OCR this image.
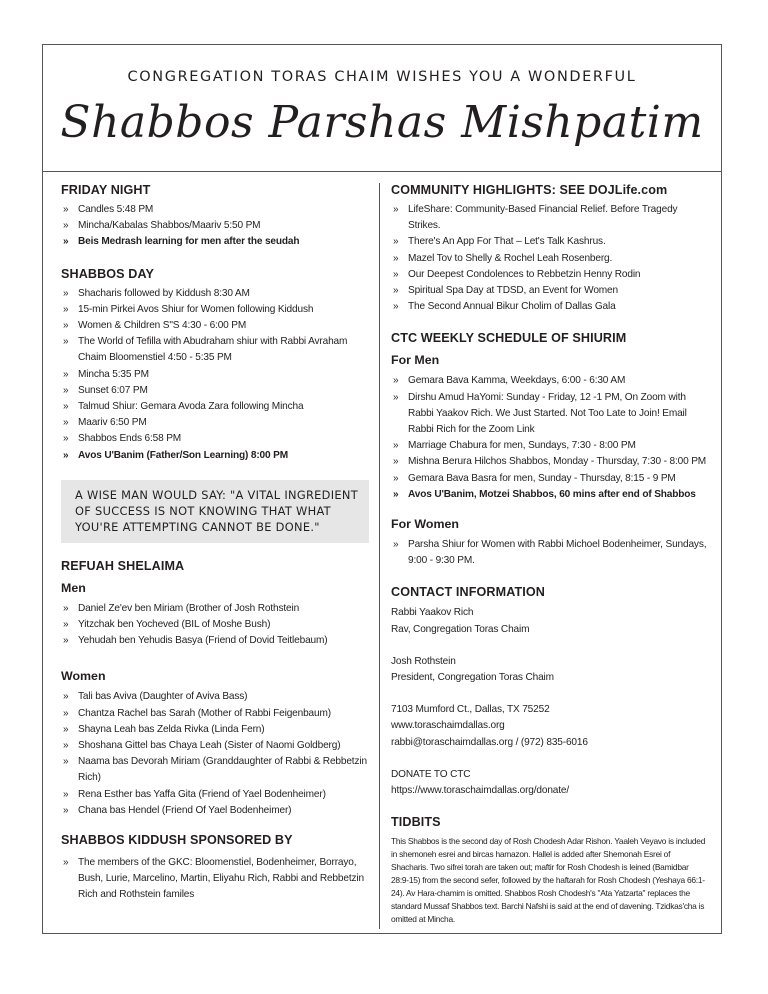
CONGREGATION TORAS CHAIM WISHES YOU A WONDERFUL
Shabbos Parshas Mishpatim
FRIDAY NIGHT
» Candles 5:48 PM
» Mincha/Kabalas Shabbos/Maariv 5:50 PM
» Beis Medrash learning for men after the seudah
SHABBOS DAY
» Shacharis followed by Kiddush 8:30 AM
» 15-min Pirkei Avos Shiur for Women following Kiddush
» Women & Children S"S 4:30 - 6:00 PM
» The World of Tefilla with Abudraham shiur with Rabbi Avraham Chaim Bloomenstiel 4:50 - 5:35 PM
» Mincha 5:35 PM
» Sunset 6:07 PM
» Talmud Shiur: Gemara Avoda Zara following Mincha
» Maariv 6:50 PM
» Shabbos Ends 6:58 PM
» Avos U'Banim (Father/Son Learning) 8:00 PM
A WISE MAN WOULD SAY: "A VITAL INGREDIENT OF SUCCESS IS NOT KNOWING THAT WHAT YOU'RE ATTEMPTING CANNOT BE DONE."
REFUAH SHELAIMA
Men
» Daniel Ze'ev ben Miriam (Brother of Josh Rothstein
» Yitzchak ben Yocheved (BIL of Moshe Bush)
» Yehudah ben Yehudis Basya (Friend of Dovid Teitlebaum)
Women
» Tali bas Aviva (Daughter of Aviva Bass)
» Chantza Rachel bas Sarah (Mother of Rabbi Feigenbaum)
» Shayna Leah bas Zelda Rivka (Linda Fern)
» Shoshana Gittel bas Chaya Leah (Sister of Naomi Goldberg)
» Naama bas Devorah Miriam (Granddaughter of Rabbi & Rebbetzin Rich)
» Rena Esther bas Yaffa Gita (Friend of Yael Bodenheimer)
» Chana bas Hendel (Friend Of Yael Bodenheimer)
SHABBOS KIDDUSH SPONSORED BY
» The members of the GKC: Bloomenstiel, Bodenheimer, Borrayo, Bush, Lurie, Marcelino, Martin, Eliyahu Rich, Rabbi and Rebbetzin Rich and Rothstein familes
COMMUNITY HIGHLIGHTS: SEE DOJLife.com
» LifeShare: Community-Based Financial Relief. Before Tragedy Strikes.
» There's An App For That – Let's Talk Kashrus.
» Mazel Tov to Shelly & Rochel Leah Rosenberg.
» Our Deepest Condolences to Rebbetzin Henny Rodin
» Spiritual Spa Day at TDSD, an Event for Women
» The Second Annual Bikur Cholim of Dallas Gala
CTC WEEKLY SCHEDULE OF SHIURIM
For Men
» Gemara Bava Kamma, Weekdays, 6:00 - 6:30 AM
» Dirshu Amud HaYomi: Sunday - Friday, 12 -1 PM, On Zoom with Rabbi Yaakov Rich. We Just Started. Not Too Late to Join! Email Rabbi Rich for the Zoom Link
» Marriage Chabura for men, Sundays, 7:30 - 8:00 PM
» Mishna Berura Hilchos Shabbos, Monday - Thursday, 7:30 - 8:00 PM
» Gemara Bava Basra for men, Sunday - Thursday, 8:15 - 9 PM
» Avos U'Banim, Motzei Shabbos, 60 mins after end of Shabbos
For Women
» Parsha Shiur for Women with Rabbi Michoel Bodenheimer, Sundays, 9:00 - 9:30 PM.
CONTACT INFORMATION

Rabbi Yaakov Rich

Rav, Congregation Toras Chaim

Josh Rothstein

President, Congregation Toras Chaim

7103 Mumford Ct., Dallas, TX 75252

www.toraschaimdallas.org

rabbi@toraschaimdallas.org / (972) 835-6016

DONATE TO CTC

https://www.toraschaimdallas.org/donate/

TIDBITS

This Shabbos is the second day of Rosh Chodesh Adar Rishon. Yaaleh Veyavo is included in shemoneh esrei and bircas hamazon. Hallel is added after Shemonah Esrei of Shacharis. Two sifrei torah are taken out; maftir for Rosh Chodesh is leined (Bamidbar 28:9-15) from the second sefer, followed by the haftarah for Rosh Chodesh (Yeshaya 66:1-24). Av Hara-chamim is omitted. Shabbos Rosh Chodesh's "Ata Yatzarta" replaces the standard Mussaf Shabbos text. Barchi Nafshi is said at the end of davening. Tzidkas'cha is omitted at Mincha.
